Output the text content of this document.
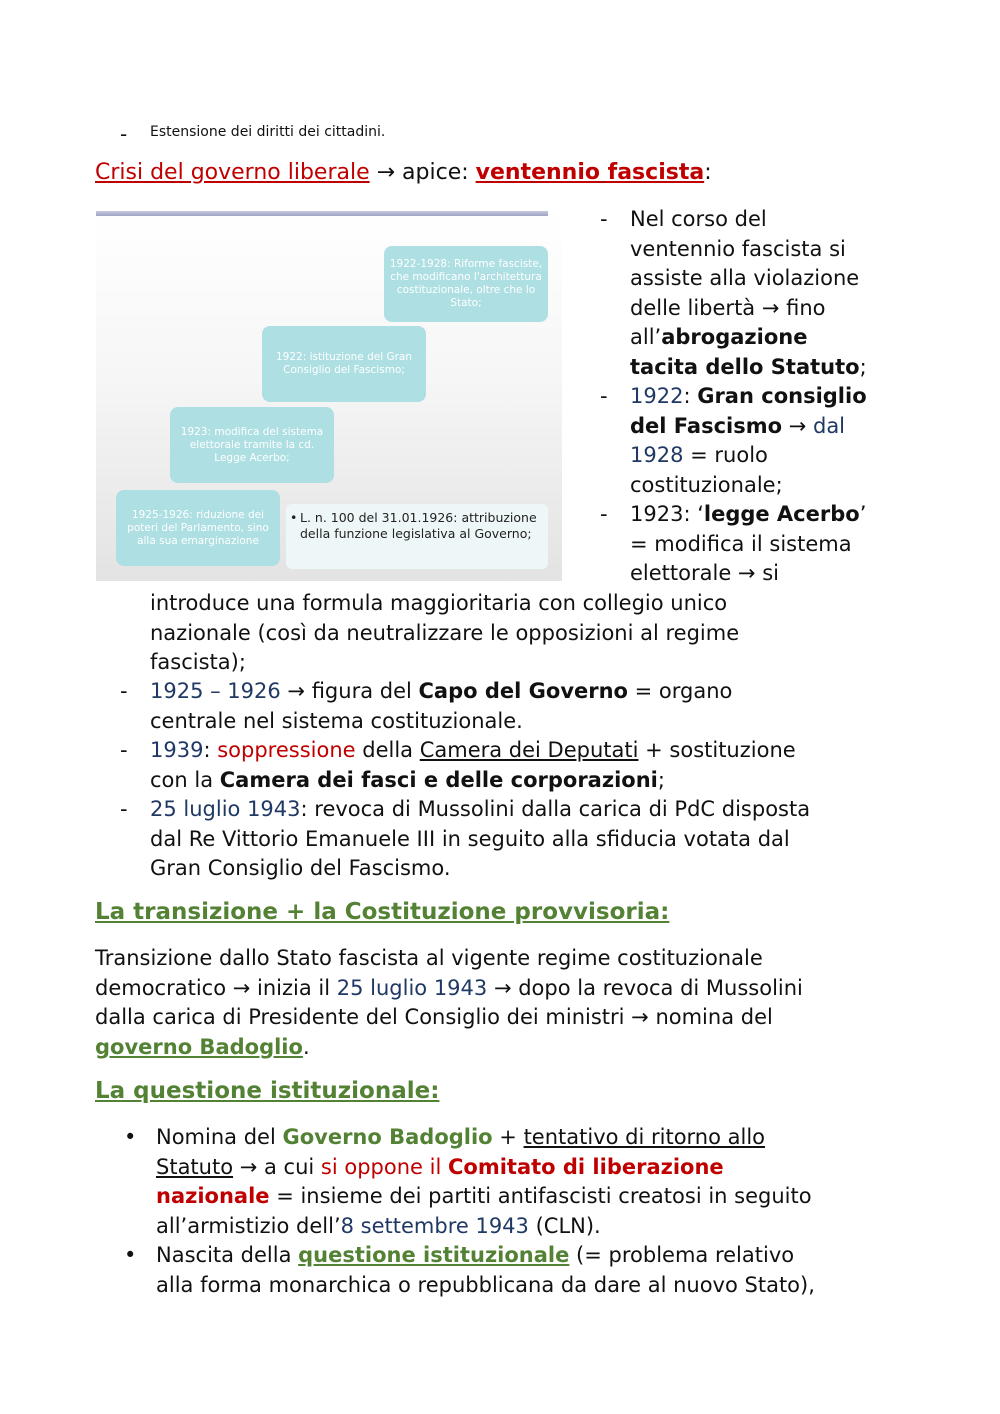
- Estensione dei diritti dei cittadini.
Crisi del governo liberale → apice: ventennio fascista:
1922-1928: Riforme fasciste, che modificano l'architettura costituzionale, oltre che lo Stato;
1922: istituzione del Gran Consiglio del Fascismo;
1923: modifica del sistema elettorale tramite la cd. Legge Acerbo;
1925-1926: riduzione dei poteri del Parlamento, sino alla sua emarginazione
• L. n. 100 del 31.01.1926: attribuzione della funzione legislativa al Governo;
- Nel corso del
ventennio fascista si
assiste alla violazione
delle libertà → fino
all’abrogazione
tacita dello Statuto;
- 1922: Gran consiglio
del Fascismo → dal
1928 = ruolo
costituzionale;
- 1923: ‘legge Acerbo’
= modifica il sistema
elettorale → si
introduce una formula maggioritaria con collegio unico
nazionale (così da neutralizzare le opposizioni al regime
fascista);
- 1925 – 1926 → figura del Capo del Governo = organo
centrale nel sistema costituzionale.
- 1939: soppressione della Camera dei Deputati + sostituzione
con la Camera dei fasci e delle corporazioni;
- 25 luglio 1943: revoca di Mussolini dalla carica di PdC disposta
dal Re Vittorio Emanuele III in seguito alla sfiducia votata dal
Gran Consiglio del Fascismo.
La transizione + la Costituzione provvisoria:
Transizione dallo Stato fascista al vigente regime costituzionale
democratico → inizia il 25 luglio 1943 → dopo la revoca di Mussolini
dalla carica di Presidente del Consiglio dei ministri → nomina del
governo Badoglio.
La questione istituzionale:
• Nomina del Governo Badoglio + tentativo di ritorno allo
Statuto → a cui si oppone il Comitato di liberazione
nazionale = insieme dei partiti antifascisti creatosi in seguito
all’armistizio dell’8 settembre 1943 (CLN).
• Nascita della questione istituzionale (= problema relativo
alla forma monarchica o repubblicana da dare al nuovo Stato),
